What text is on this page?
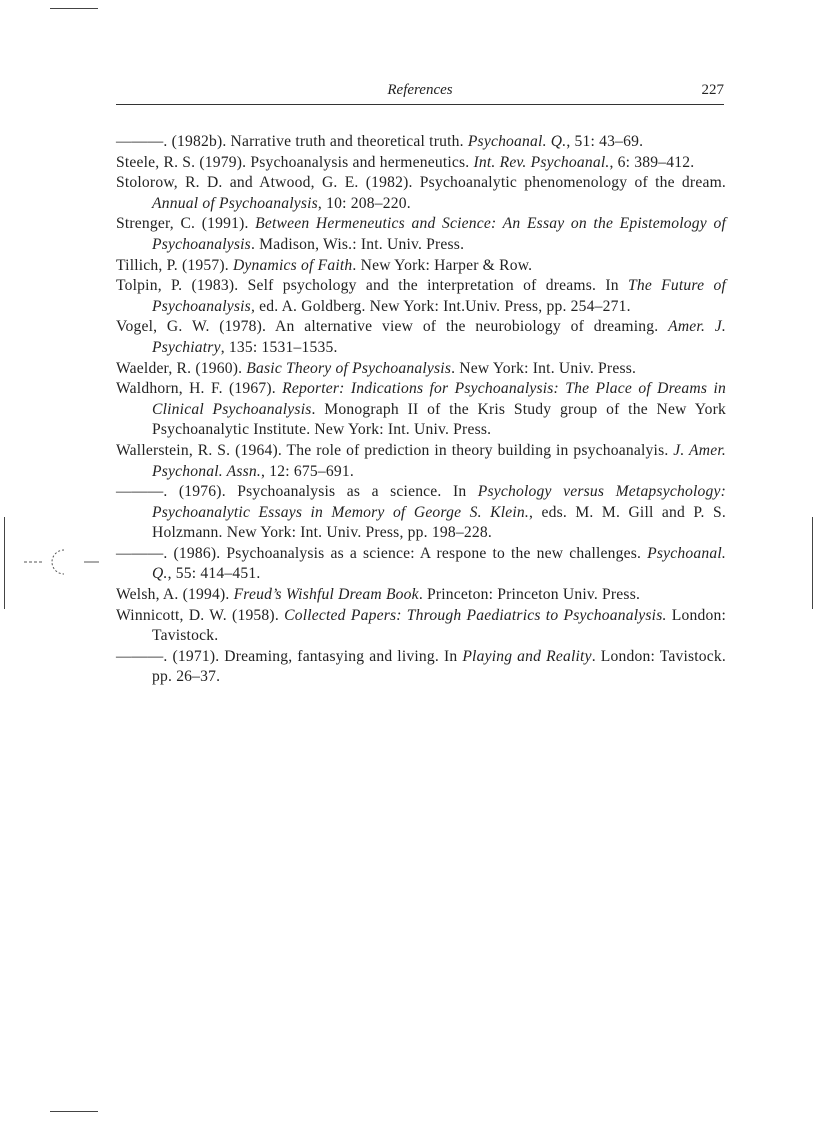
References	227

———. (1982b). Narrative truth and theoretical truth. Psychoanal. Q., 51: 43–69.

Steele, R. S. (1979). Psychoanalysis and hermeneutics. Int. Rev. Psychoanal., 6: 389–412.

Stolorow, R. D. and Atwood, G. E. (1982). Psychoanalytic phenomenology of the dream. Annual of Psychoanalysis, 10: 208–220.

Strenger, C. (1991). Between Hermeneutics and Science: An Essay on the Epistemology of Psychoanalysis. Madison, Wis.: Int. Univ. Press.

Tillich, P. (1957). Dynamics of Faith. New York: Harper & Row.

Tolpin, P. (1983). Self psychology and the interpretation of dreams. In The Future of Psychoanalysis, ed. A. Goldberg. New York: Int.Univ. Press, pp. 254–271.

Vogel, G. W. (1978). An alternative view of the neurobiology of dreaming. Amer. J. Psychiatry, 135: 1531–1535.

Waelder, R. (1960). Basic Theory of Psychoanalysis. New York: Int. Univ. Press.

Waldhorn, H. F. (1967). Reporter: Indications for Psychoanalysis: The Place of Dreams in Clinical Psychoanalysis. Monograph II of the Kris Study group of the New York Psychoanalytic Institute. New York: Int. Univ. Press.

Wallerstein, R. S. (1964). The role of prediction in theory building in psychoanalyis. J. Amer. Psychonal. Assn., 12: 675–691.

———. (1976). Psychoanalysis as a science. In Psychology versus Metapsychology: Psychoanalytic Essays in Memory of George S. Klein., eds. M. M. Gill and P. S. Holzmann. New York: Int. Univ. Press, pp. 198–228.

———. (1986). Psychoanalysis as a science: A respone to the new challenges. Psychoanal. Q., 55: 414–451.

Welsh, A. (1994). Freud’s Wishful Dream Book. Princeton: Princeton Univ. Press.

Winnicott, D. W. (1958). Collected Papers: Through Paediatrics to Psychoanalysis. London: Tavistock.

———. (1971). Dreaming, fantasying and living. In Playing and Reality. London: Tavistock. pp. 26–37.
